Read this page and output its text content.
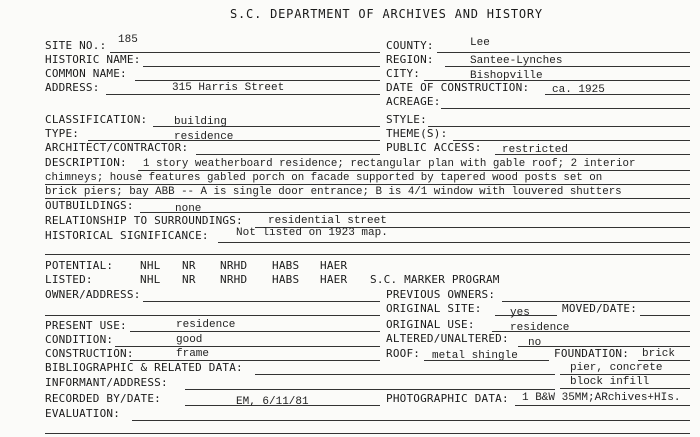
S.C. DEPARTMENT OF ARCHIVES AND HISTORY
SITE NO.: 185
HISTORIC NAME:
COMMON NAME:
ADDRESS:	315 Harris Street
CLASSIFICATION: building
TYPE:	residence
ARCHITECT/CONTRACTOR:
COUNTY:	Lee
REGION:	Santee-Lynches
CITY:	Bishopville
DATE OF CONSTRUCTION: ca. 1925
ACREAGE:
STYLE:
THEME(S):
PUBLIC ACCESS: restricted
DESCRIPTION: 1 story weatherboard residence; rectangular plan with gable roof; 2 interior
chimneys; house features gabled porch on facade supported by tapered wood posts set on
brick piers; bay ABB -- A is single door entrance; B is 4/1 window with louvered shutters
OUTBUILDINGS:	none
RELATIONSHIP TO SURROUNDINGS: residential street
HISTORICAL SIGNIFICANCE: Not listed on 1923 map.
POTENTIAL: NHL NR NRHD HABS HAER
LISTED:	NHL NR NRHD HABS HAER S.C. MARKER PROGRAM
OWNER/ADDRESS:
PRESENT USE:	residence
CONDITION:	good
CONSTRUCTION:	frame
PREVIOUS OWNERS:
ORIGINAL SITE:	yes	MOVED/DATE:
ORIGINAL USE:	residence
ALTERED/UNALTERED: no
ROOF: metal shingle	FOUNDATION: brick
pier, concrete
block infill
BIBLIOGRAPHIC & RELATED DATA:
INFORMANT/ADDRESS:
RECORDED BY/DATE:	EM, 6/11/81	PHOTOGRAPHIC DATA: 1 B&W 35MM;ARchives+HIs.
EVALUATION:
